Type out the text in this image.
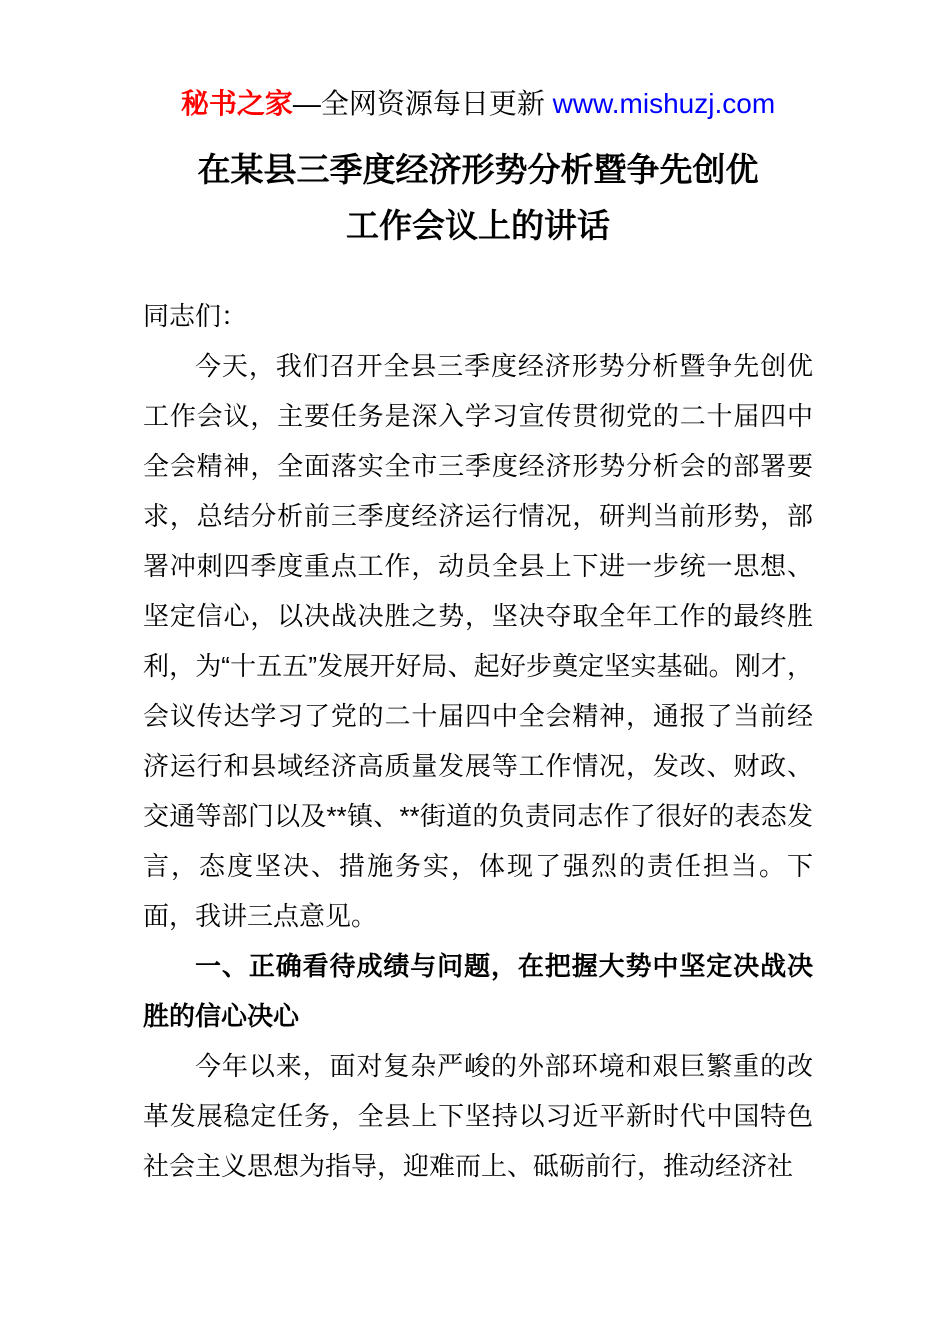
秘书之家—全网资源每日更新 www.mishuzj.com
在某县三季度经济形势分析暨争先创优
工作会议上的讲话

同志们：

今天，我们召开全县三季度经济形势分析暨争先创优工作会议，主要任务是深入学习宣传贯彻党的二十届四中全会精神，全面落实全市三季度经济形势分析会的部署要求，总结分析前三季度经济运行情况，研判当前形势，部署冲刺四季度重点工作，动员全县上下进一步统一思想、坚定信心，以决战决胜之势，坚决夺取全年工作的最终胜利，为“十五五”发展开好局、起好步奠定坚实基础。刚才，会议传达学习了党的二十届四中全会精神，通报了当前经济运行和县域经济高质量发展等工作情况，发改、财政、交通等部门以及**镇、**街道的负责同志作了很好的表态发言，态度坚决、措施务实，体现了强烈的责任担当。下面，我讲三点意见。

一、正确看待成绩与问题，在把握大势中坚定决战决胜的信心决心

今年以来，面对复杂严峻的外部环境和艰巨繁重的改革发展稳定任务，全县上下坚持以习近平新时代中国特色社会主义思想为指导，迎难而上、砥砺前行，推动经济社
